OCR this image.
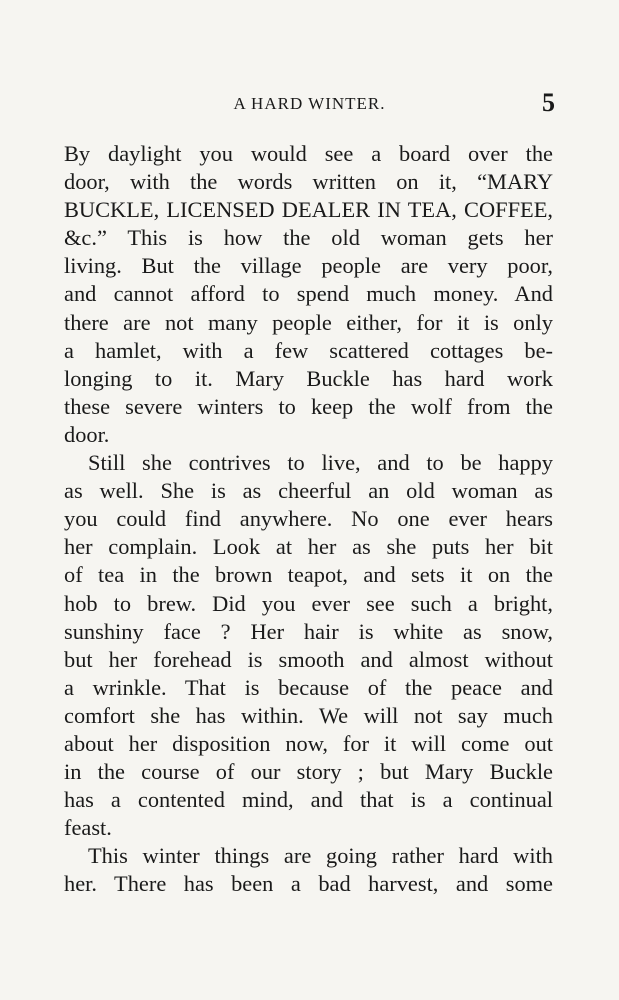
A HARD WINTER.	5
By daylight you would see a board over the
door, with the words written on it, “MARY
BUCKLE, LICENSED DEALER IN TEA, COFFEE,
&c.” This is how the old woman gets her
living. But the village people are very poor,
and cannot afford to spend much money. And
there are not many people either, for it is only
a hamlet, with a few scattered cottages be-
longing to it. Mary Buckle has hard work
these severe winters to keep the wolf from the
door.
Still she contrives to live, and to be happy
as well. She is as cheerful an old woman as
you could find anywhere. No one ever hears
her complain. Look at her as she puts her bit
of tea in the brown teapot, and sets it on the
hob to brew. Did you ever see such a bright,
sunshiny face ? Her hair is white as snow,
but her forehead is smooth and almost without
a wrinkle. That is because of the peace and
comfort she has within. We will not say much
about her disposition now, for it will come out
in the course of our story ; but Mary Buckle
has a contented mind, and that is a continual
feast.
This winter things are going rather hard with
her. There has been a bad harvest, and some
